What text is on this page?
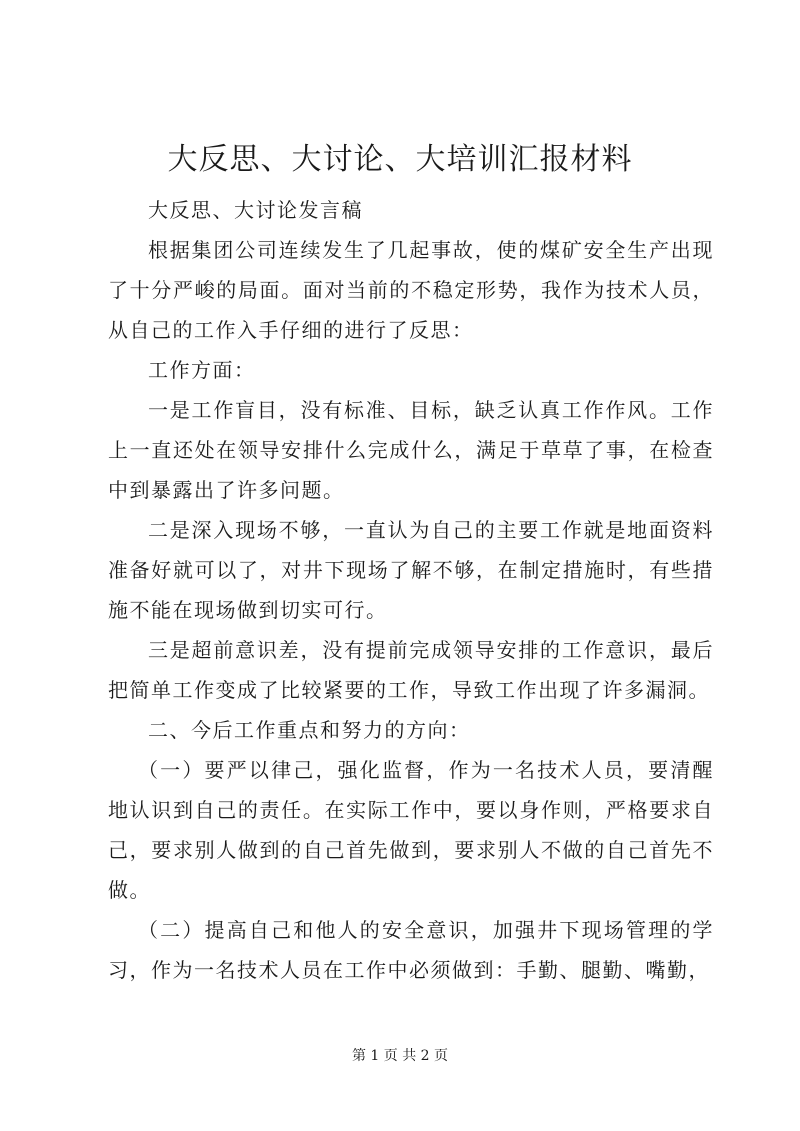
大反思、大讨论、大培训汇报材料

大反思、大讨论发言稿

根据集团公司连续发生了几起事故，使的煤矿安全生产出现了十分严峻的局面。面对当前的不稳定形势，我作为技术人员，从自己的工作入手仔细的进行了反思：

工作方面：

一是工作盲目，没有标准、目标，缺乏认真工作作风。工作上一直还处在领导安排什么完成什么，满足于草草了事，在检查中到暴露出了许多问题。

二是深入现场不够，一直认为自己的主要工作就是地面资料准备好就可以了，对井下现场了解不够，在制定措施时，有些措施不能在现场做到切实可行。

三是超前意识差，没有提前完成领导安排的工作意识，最后把简单工作变成了比较紧要的工作，导致工作出现了许多漏洞。

二、今后工作重点和努力的方向：

（一）要严以律己，强化监督，作为一名技术人员，要清醒地认识到自己的责任。在实际工作中，要以身作则，严格要求自己，要求别人做到的自己首先做到，要求别人不做的自己首先不做。

（二）提高自己和他人的安全意识，加强井下现场管理的学习，作为一名技术人员在工作中必须做到：手勤、腿勤、嘴勤，

第 1 页 共 2 页
